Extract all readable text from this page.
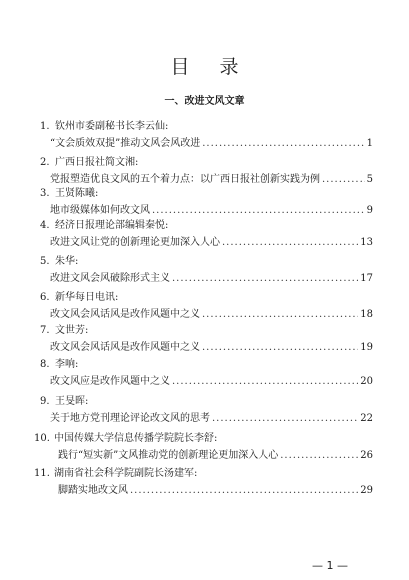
目 录
一、改进文风文章
1. 钦州市委副秘书长李云仙:
“文会质效双提”推动文风会风改进 .....	1
2. 广西日报社简文湘:
党报塑造优良文风的五个着力点：以广西日报社创新实践为例 .....	5
3. 王贤陈曦:
地市级媒体如何改文风 .....	9
4. 经济日报理论部编辑秦悦:
改进文风让党的创新理论更加深入人心 .....	13
5. 朱华:
改进文风会风破除形式主义 .....	17
6. 新华每日电讯:
改文风会风话风是改作风题中之义 .....	18
7. 文世芳:
改文风会风话风是改作风题中之义 .....	19
8. 李响:
改文风应是改作风题中之义 .....	20
9. 王旻晖:
关于地方党刊理论评论改文风的思考 .....	22
10. 中国传媒大学信息传播学院院长李舒:
践行“短实新”文风推动党的创新理论更加深入人心 .....	26
11. 湖南省社会科学院副院长汤建军:
脚踏实地改文风 .....	29
— 1 —
